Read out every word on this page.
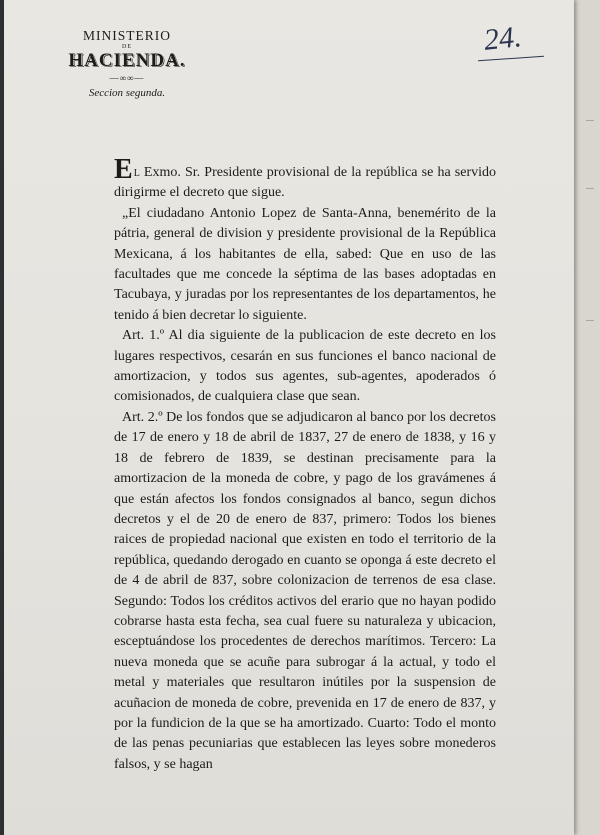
MINISTERIO
DE
HACIENDA.
—∞∞—
Seccion segunda.
24.

El Exmo. Sr. Presidente provisional de la república se ha servido dirigirme el decreto que sigue.

„El ciudadano Antonio Lopez de Santa-Anna, benemérito de la pátria, general de division y presidente provisional de la República Mexicana, á los habitantes de ella, sabed: Que en uso de las facultades que me concede la séptima de las bases adoptadas en Tacubaya, y juradas por los representantes de los departamentos, he tenido á bien decretar lo siguiente.

Art. 1.º Al dia siguiente de la publicacion de este decreto en los lugares respectivos, cesarán en sus funciones el banco nacional de amortizacion, y todos sus agentes, sub-agentes, apoderados ó comisionados, de cualquiera clase que sean.

Art. 2.º De los fondos que se adjudicaron al banco por los decretos de 17 de enero y 18 de abril de 1837, 27 de enero de 1838, y 16 y 18 de febrero de 1839, se destinan precisamente para la amortizacion de la moneda de cobre, y pago de los gravámenes á que están afectos los fondos consignados al banco, segun dichos decretos y el de 20 de enero de 837, primero: Todos los bienes raices de propiedad nacional que existen en todo el territorio de la república, quedando derogado en cuanto se oponga á este decreto el de 4 de abril de 837, sobre colonizacion de terrenos de esa clase. Segundo: Todos los créditos activos del erario que no hayan podido cobrarse hasta esta fecha, sea cual fuere su naturaleza y ubicacion, esceptuándose los procedentes de derechos marítimos. Tercero: La nueva moneda que se acuñe para subrogar á la actual, y todo el metal y materiales que resultaron inútiles por la suspension de acuñacion de moneda de cobre, prevenida en 17 de enero de 837, y por la fundicion de la que se ha amortizado. Cuarto: Todo el monto de las penas pecuniarias que establecen las leyes sobre monederos falsos, y se hagan
